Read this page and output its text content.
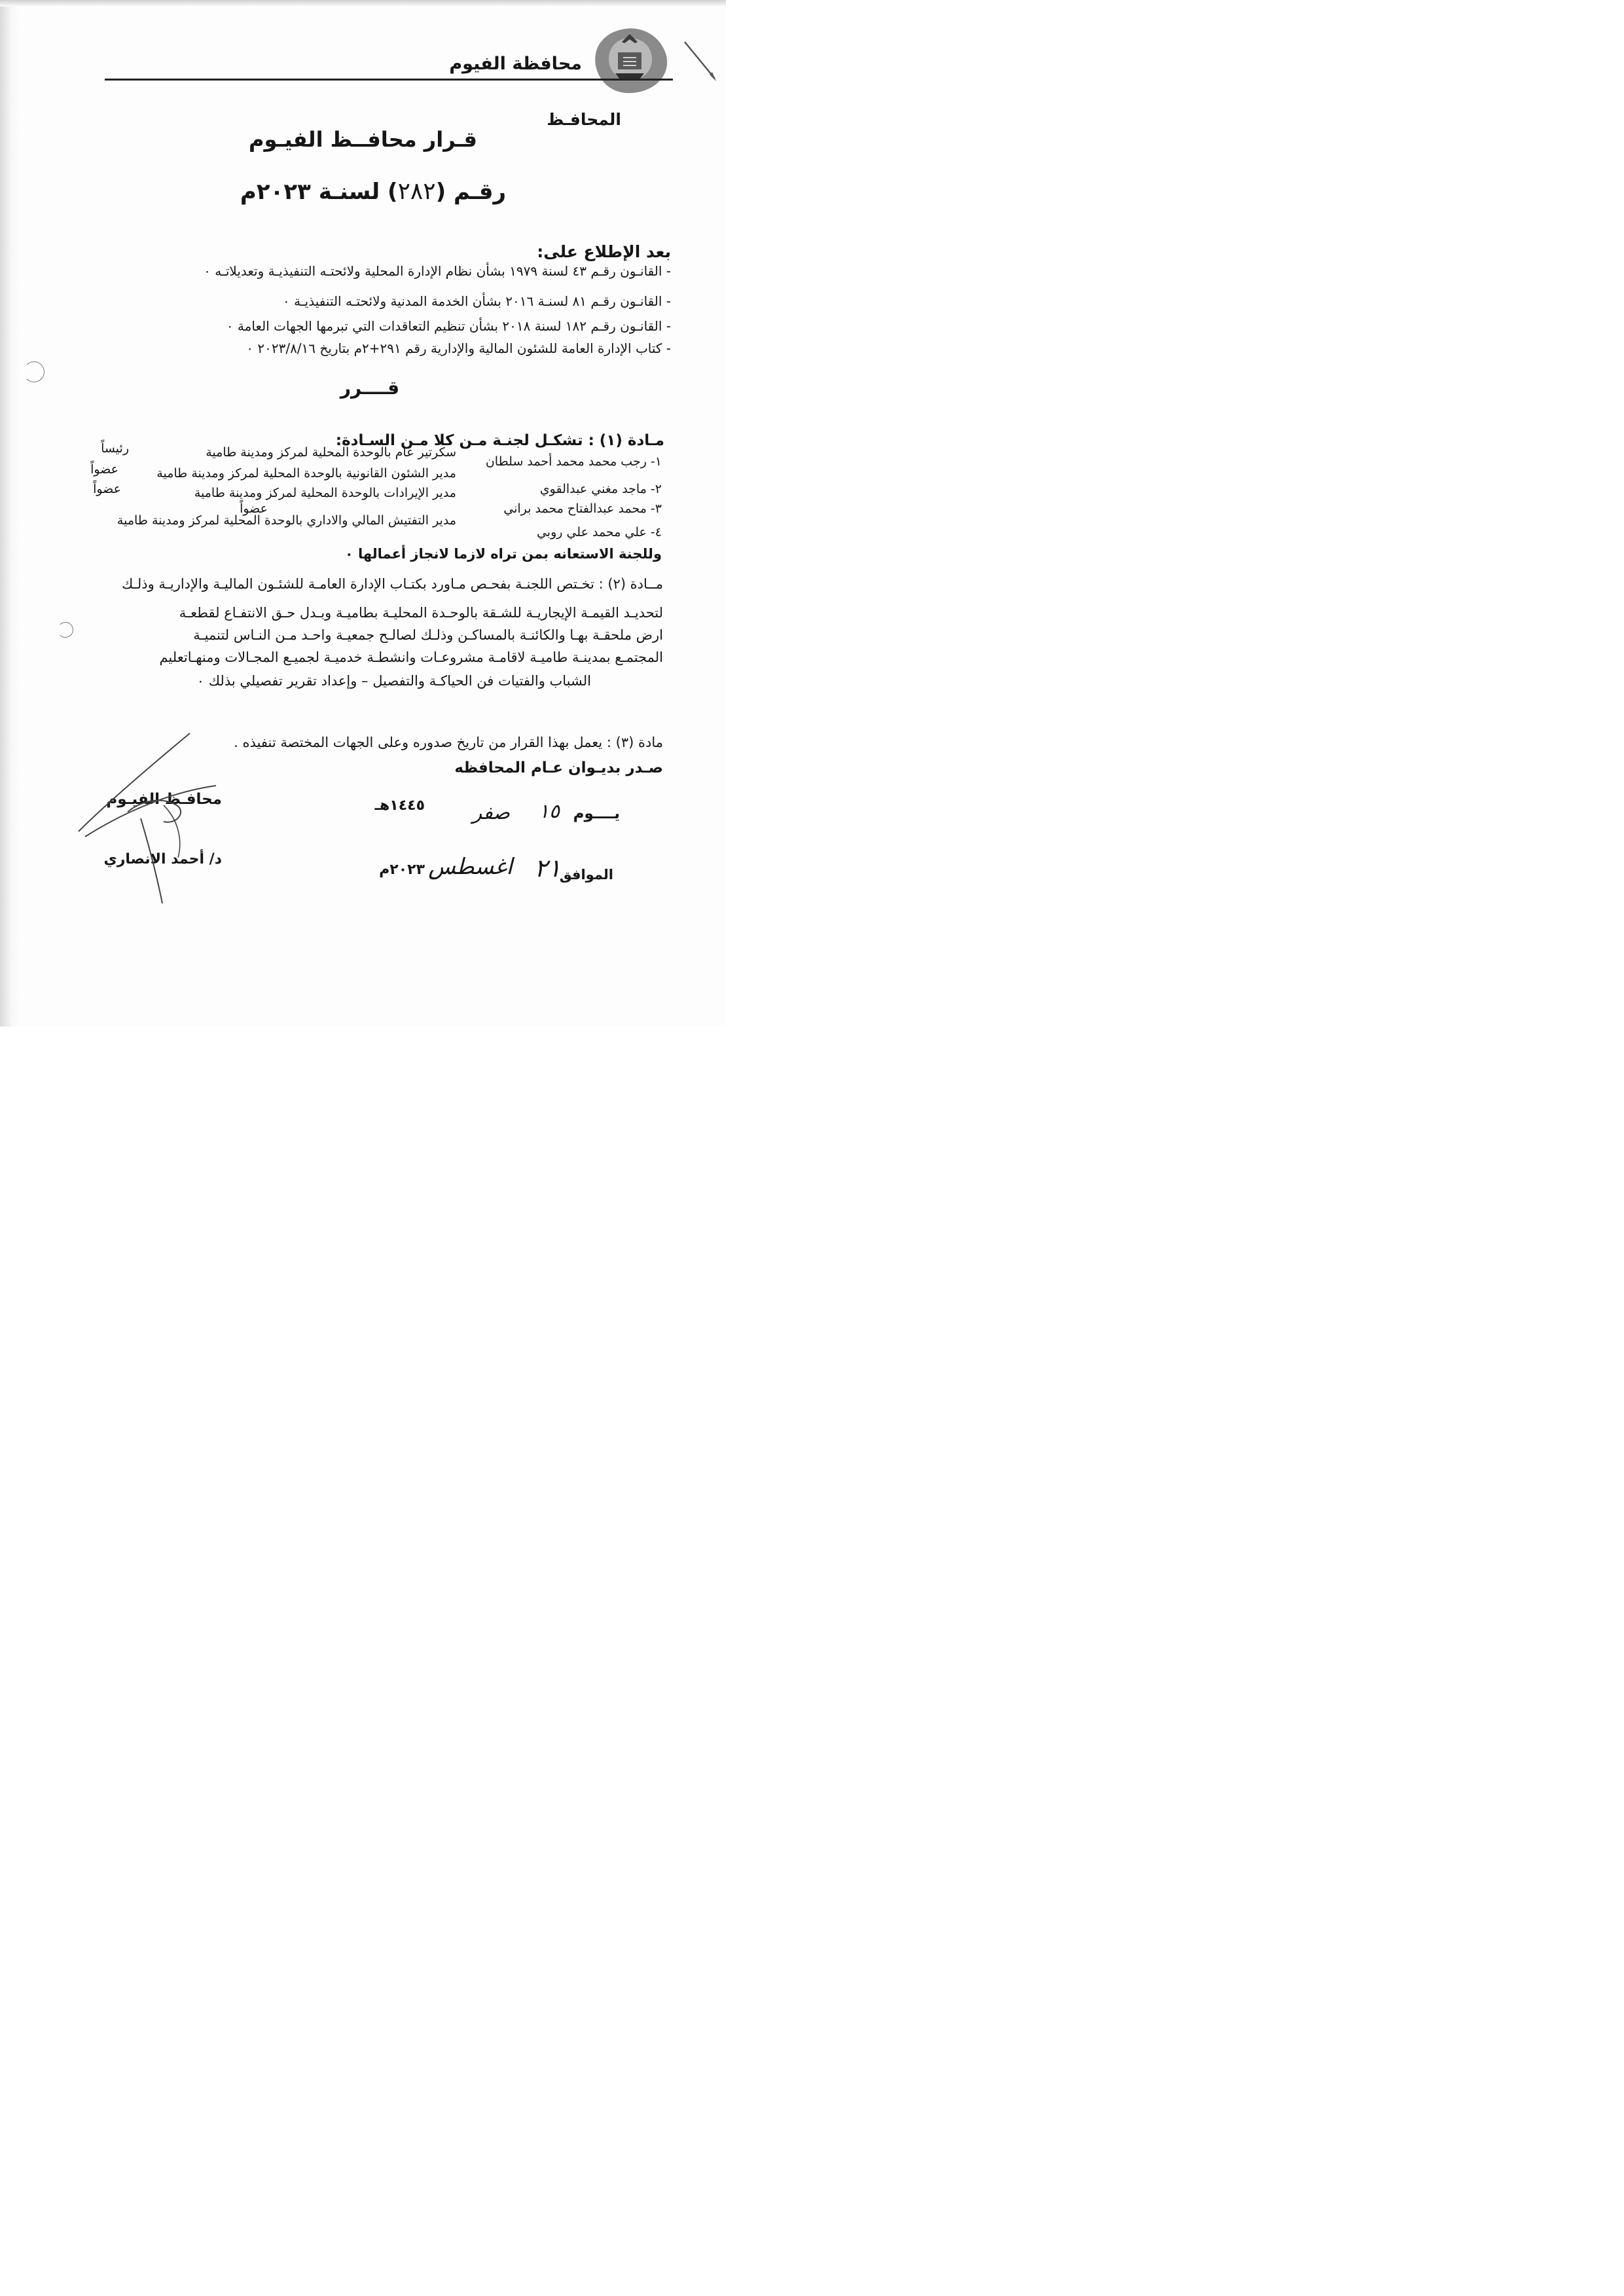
محافظة الفيوم
المحافـظ
قـرار محافــظ الفيـوم
رقـم (٢٨٢) لسنـة ٢٠٢٣م
بعد الإطلاع على:
- القانـون رقـم ٤٣ لسنة ١٩٧٩ بشأن نظام الإدارة المحلية ولائحتـه التنفيذيـة وتعديلاتـه ٠
- القانـون رقـم ٨١ لسنـة ٢٠١٦ بشأن الخدمة المدنية ولائحتـه التنفيذيـة ٠
- القانـون رقـم ١٨٢ لسنة ٢٠١٨ بشأن تنظيم التعاقدات التي تبرمها الجهات العامة ٠
- كتاب الإدارة العامة للشئون المالية والإدارية رقم ٢٩١+٢م بتاريخ ٢٠٢٣/٨/١٦ ٠
قــــرر
مـادة (١) : تشكـل لجنـة مـن كلا مـن السـادة:
١- رجب محمد محمد أحمد سلطان
سكرتير عام بالوحدة المحلية لمركز ومدينة طامية
رئيساً
٢- ماجد مغني عبدالقوي
مدير الشئون القانونية بالوحدة المحلية لمركز ومدينة طامية
عضواً
٣- محمد عبدالفتاح محمد براني
مدير الإيرادات بالوحدة المحلية لمركز ومدينة طامية
عضواً
٤- علي محمد علي روبي
مدير التفتيش المالي والاداري بالوحدة المحلية لمركز ومدينة طامية
عضواً
وللجنة الاستعانه بمن تراه لازما لانجاز أعمالها ٠
مــادة (٢) : تخـتص اللجنـة بفحـص مـاورد بكتـاب الإدارة العامـة للشئـون الماليـة والإداريـة وذلـك
لتحديـد القيمـة الإيجاريـة للشـقة بالوحـدة المحليـة بطاميـة وبـدل حـق الانتفـاع لقطعـة
ارض ملحقـة بهـا والكائنـة بالمساكـن وذلـك لصالـح جمعيـة واحـد مـن النـاس لتنميـة
المجتمـع بمدينـة طاميـة لاقامـة مشروعـات وانشطـة خدميـة لجميـع المجـالات ومنهـاتعليم
الشباب والفتيات فن الحياكـة والتفصيل – وإعداد تقرير تفصيلي بذلك ٠
مادة (٣) : يعمل بهذا القرار من تاريخ صدوره وعلى الجهات المختصة تنفيذه .
صـدر بديـوان عـام المحافظه
محافـظ الفيـوم
د/ أحمد الانصاري
يــــوم
١٥
صفر
١٤٤٥هـ
الموافق
٢١
اغسطس
٢٠٢٣م
